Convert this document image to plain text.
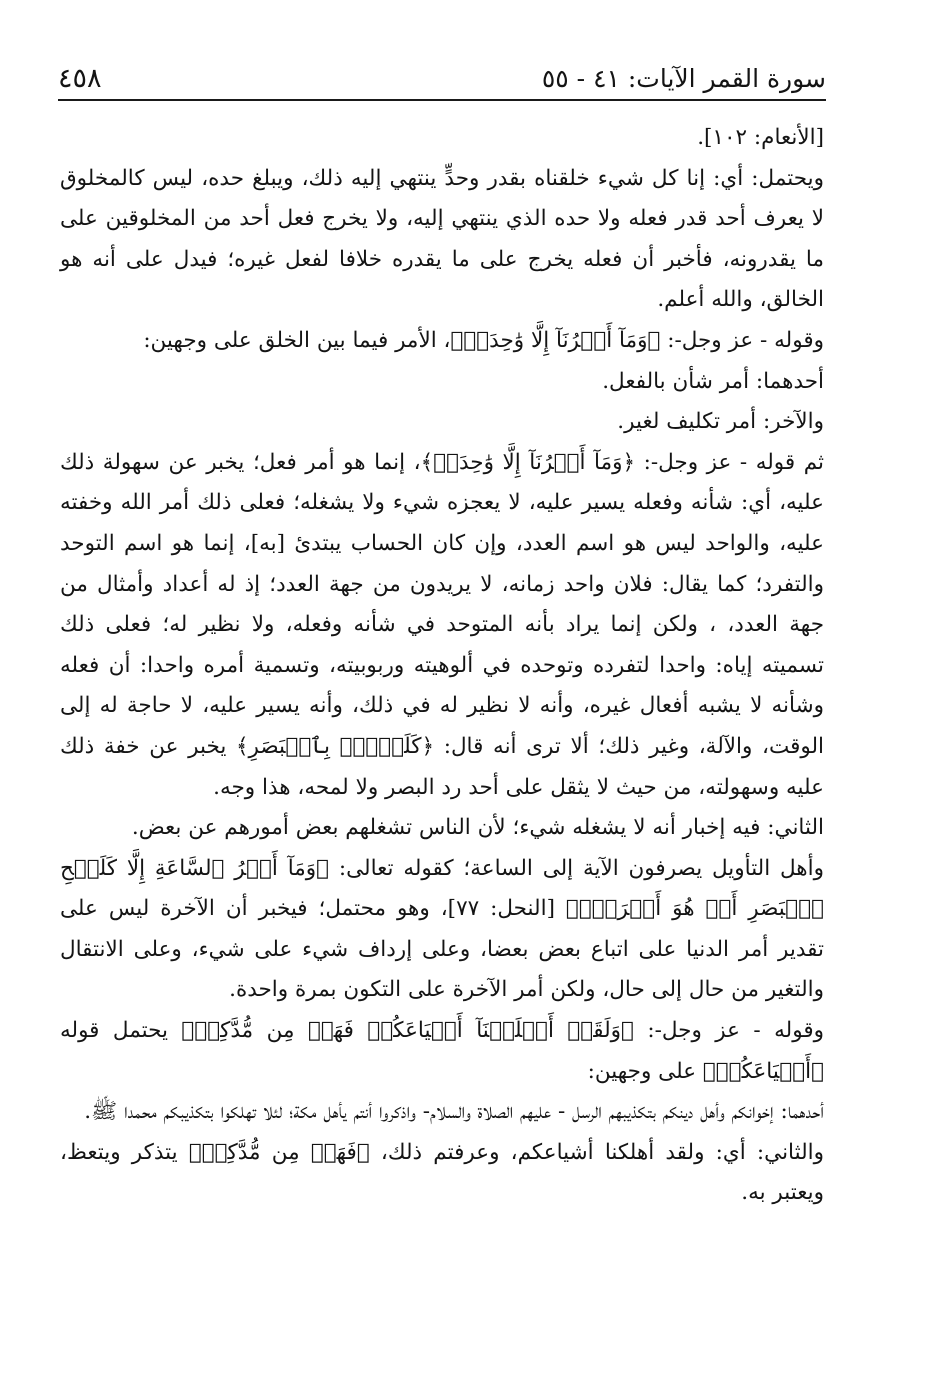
سورة القمر الآيات: ٤١ - ٥٥
٤٥٨

[الأنعام: ١٠٢].

ويحتمل: أي: إنا كل شيء خلقناه بقدر وحدٍّ ينتهي إليه ذلك، ويبلغ حده، ليس كالمخلوق لا يعرف أحد قدر فعله ولا حده الذي ينتهي إليه، ولا يخرج فعل أحد من المخلوقين على ما يقدرونه، فأخبر أن فعله يخرج على ما يقدره خلافا لفعل غيره؛ فيدل على أنه هو الخالق، والله أعلم.

وقوله - عز وجل-: ﴿وَمَآ أَمۡرُنَآ إِلَّا وَٰحِدَةٞ﴾، الأمر فيما بين الخلق على وجهين:

أحدهما: أمر شأن بالفعل.

والآخر: أمر تكليف لغير.

ثم قوله - عز وجل-: ﴿وَمَآ أَمۡرُنَآ إِلَّا وَٰحِدَةٞ﴾، إنما هو أمر فعل؛ يخبر عن سهولة ذلك عليه، أي: شأنه وفعله يسير عليه، لا يعجزه شيء ولا يشغله؛ فعلى ذلك أمر الله وخفته عليه، والواحد ليس هو اسم العدد، وإن كان الحساب يبتدئ [به]، إنما هو اسم التوحد والتفرد؛ كما يقال: فلان واحد زمانه، لا يريدون من جهة العدد؛ إذ له أعداد وأمثال من جهة العدد، ، ولكن إنما يراد بأنه المتوحد في شأنه وفعله، ولا نظير له؛ فعلى ذلك تسميته إياه: واحدا لتفرده وتوحده في ألوهيته وربوبيته، وتسمية أمره واحدا: أن فعله وشأنه لا يشبه أفعال غيره، وأنه لا نظير له في ذلك، وأنه يسير عليه، لا حاجة له إلى الوقت، والآلة، وغير ذلك؛ ألا ترى أنه قال: ﴿كَلَمۡحِۭ بِٱلۡبَصَرِ﴾ يخبر عن خفة ذلك عليه وسهولته، من حيث لا يثقل على أحد رد البصر ولا لمحه، هذا وجه.

الثاني: فيه إخبار أنه لا يشغله شيء؛ لأن الناس تشغلهم بعض أمورهم عن بعض.

وأهل التأويل يصرفون الآية إلى الساعة؛ كقوله تعالى: ﴿وَمَآ أَمۡرُ ٱلسَّاعَةِ إِلَّا كَلَمۡحِ ٱلۡبَصَرِ أَوۡ هُوَ أَقۡرَبُۚ﴾ [النحل: ٧٧]، وهو محتمل؛ فيخبر أن الآخرة ليس على تقدير أمر الدنيا على اتباع بعض بعضا، وعلى إرداف شيء على شيء، وعلى الانتقال والتغير من حال إلى حال، ولكن أمر الآخرة على التكون بمرة واحدة.

وقوله - عز وجل-: ﴿وَلَقَدۡ أَهۡلَكۡنَآ أَشۡيَاعَكُمۡ فَهَلۡ مِن مُّدَّكِرٖ﴾ يحتمل قوله ﴿أَشۡيَاعَكُمۡ﴾ على وجهين:

أحدهما: إخوانكم وأهل دينكم بتكذيبهم الرسل - عليهم الصلاة والسلام- واذكروا أنتم يأهل مكة؛ لئلا تهلكوا بتكذيبكم محمدا ﷺ.

والثاني: أي: ولقد أهلكنا أشياعكم، وعرفتم ذلك، ﴿فَهَلۡ مِن مُّدَّكِرٖ﴾ يتذكر ويتعظ، ويعتبر به.
